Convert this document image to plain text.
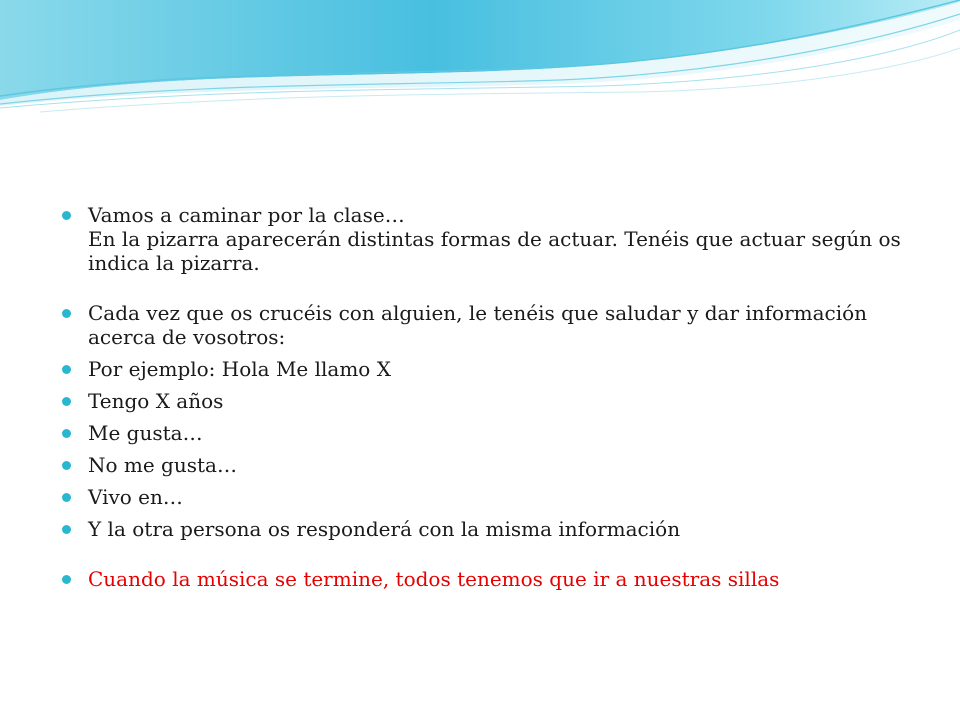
Vamos a caminar por la clase…
En la pizarra aparecerán distintas formas de actuar. Tenéis que actuar según os indica la pizarra.
Cada vez que os crucéis con alguien, le tenéis que saludar y dar información acerca de vosotros:
Por ejemplo: Hola Me llamo X
Tengo X años
Me gusta…
No me gusta…
Vivo en…
Y la otra persona os responderá con la misma información
Cuando la música se termine, todos tenemos que ir a nuestras sillas
